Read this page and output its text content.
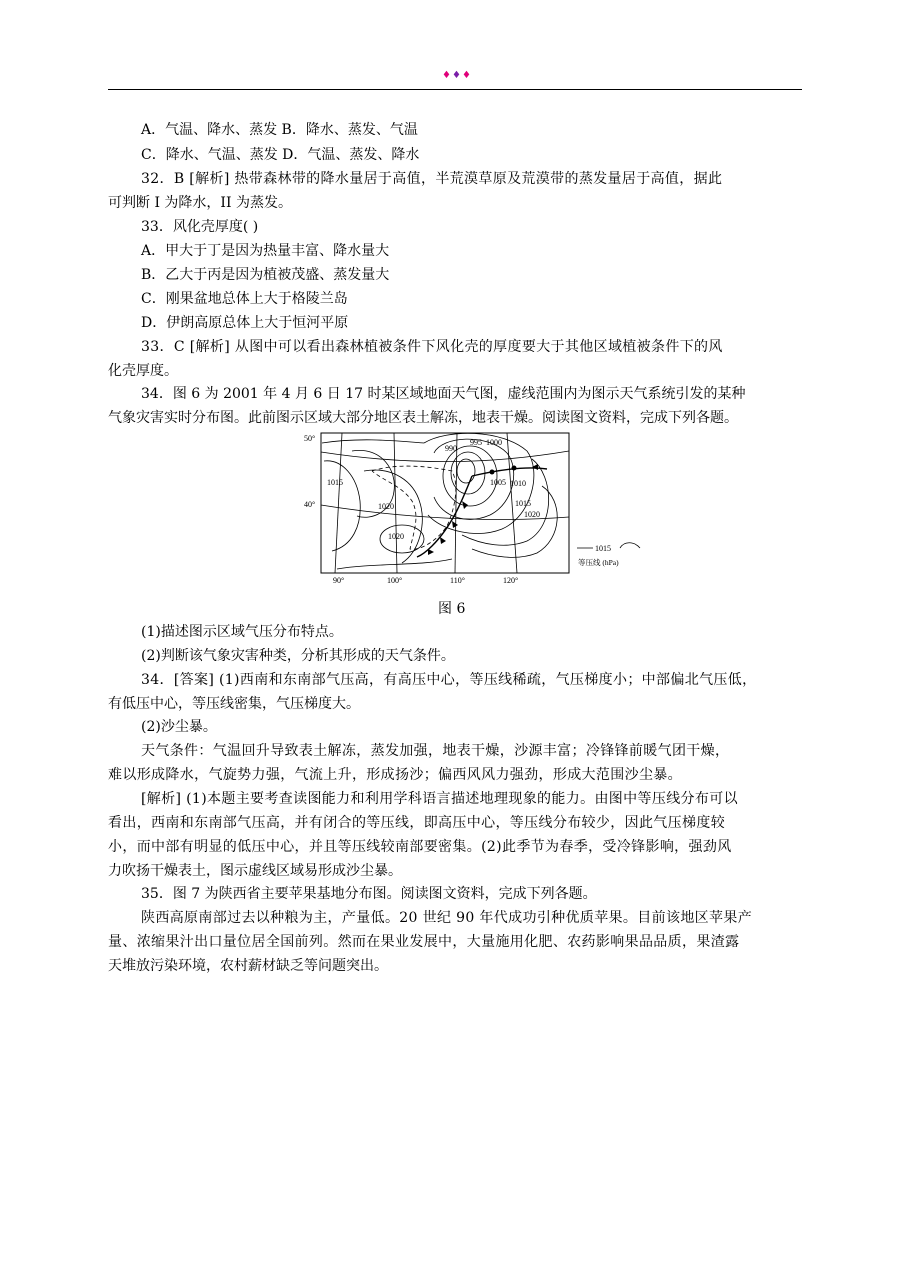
♦♦♦
A．气温、降水、蒸发 B．降水、蒸发、气温
C．降水、气温、蒸发 D．气温、蒸发、降水
32．B [解析] 热带森林带的降水量居于高值，半荒漠草原及荒漠带的蒸发量居于高值，据此
可判断 I 为降水，II 为蒸发。
33．风化壳厚度( )
A．甲大于丁是因为热量丰富、降水量大
B．乙大于丙是因为植被茂盛、蒸发量大
C．刚果盆地总体上大于格陵兰岛
D．伊朗高原总体上大于恒河平原
33．C [解析] 从图中可以看出森林植被条件下风化壳的厚度要大于其他区域植被条件下的风
化壳厚度。
34．图 6 为 2001 年 4 月 6 日 17 时某区域地面天气图，虚线范围内为图示天气系统引发的某种
气象灾害实时分布图。此前图示区域大部分地区表土解冻，地表干燥。阅读图文资料，完成下列各题。
50°
40°
90°	100°	110°	120°
990
995 1000
1005 1010
1015
1020
1015
1020
1020
1015
等压线 (hPa)
图 6
(1)描述图示区域气压分布特点。
(2)判断该气象灾害种类，分析其形成的天气条件。
34．[答案] (1)西南和东南部气压高，有高压中心，等压线稀疏，气压梯度小；中部偏北气压低，
有低压中心，等压线密集，气压梯度大。
(2)沙尘暴。
天气条件：气温回升导致表土解冻，蒸发加强，地表干燥，沙源丰富；冷锋锋前暖气团干燥，
难以形成降水，气旋势力强，气流上升，形成扬沙；偏西风风力强劲，形成大范围沙尘暴。
[解析] (1)本题主要考查读图能力和利用学科语言描述地理现象的能力。由图中等压线分布可以
看出，西南和东南部气压高，并有闭合的等压线，即高压中心，等压线分布较少，因此气压梯度较
小，而中部有明显的低压中心，并且等压线较南部要密集。(2)此季节为春季，受冷锋影响，强劲风
力吹扬干燥表土，图示虚线区域易形成沙尘暴。
35．图 7 为陕西省主要苹果基地分布图。阅读图文资料，完成下列各题。
陕西高原南部过去以种粮为主，产量低。20 世纪 90 年代成功引种优质苹果。目前该地区苹果产
量、浓缩果汁出口量位居全国前列。然而在果业发展中，大量施用化肥、农药影响果品品质，果渣露
天堆放污染环境，农村薪材缺乏等问题突出。
